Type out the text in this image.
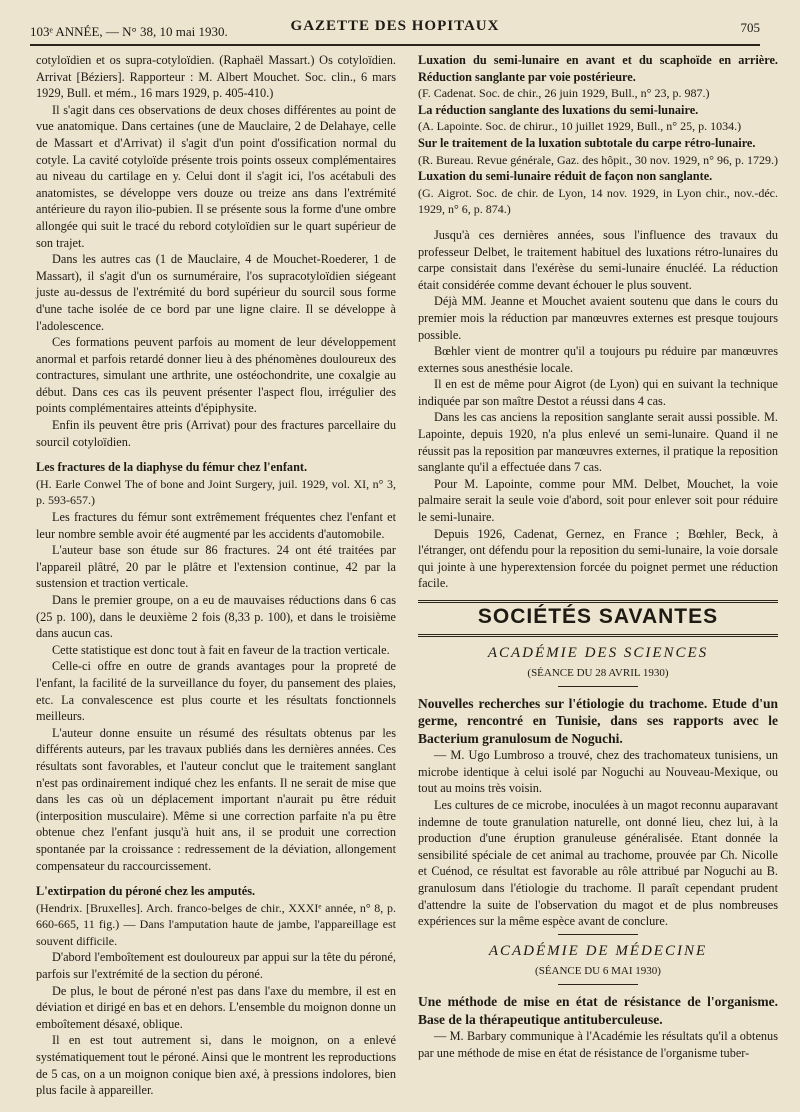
103ᵉ ANNÉE, — N° 38, 10 mai 1930.	GAZETTE DES HOPITAUX	705

cotyloïdien et os supra-cotyloïdien. (Raphaël Massart.) Os cotyloïdien. Arrivat [Béziers]. Rapporteur : M. Albert Mouchet. Soc. clin., 6 mars 1929, Bull. et mém., 16 mars 1929, p. 405-410.)

Il s'agit dans ces observations de deux choses différentes au point de vue anatomique. Dans certaines (une de Mauclaire, 2 de Delahaye, celle de Massart et d'Arrivat) il s'agit d'un point d'ossification normal du cotyle. La cavité cotyloïde présente trois points osseux complémentaires au niveau du cartilage en y. Celui dont il s'agit ici, l'os acétabuli des anatomistes, se développe vers douze ou treize ans dans l'extrémité antérieure du rayon ilio-pubien. Il se présente sous la forme d'une ombre allongée qui suit le tracé du rebord cotyloïdien sur le quart supérieur de son trajet.

Dans les autres cas (1 de Mauclaire, 4 de Mouchet-Roederer, 1 de Massart), il s'agit d'un os surnuméraire, l'os supracotyloïdien siégeant juste au-dessus de l'extrémité du bord supérieur du sourcil sous forme d'une tache isolée de ce bord par une ligne claire. Il se développe à l'adolescence.

Ces formations peuvent parfois au moment de leur développement anormal et parfois retardé donner lieu à des phénomènes douloureux des contractures, simulant une arthrite, une ostéochondrite, une coxalgie au début. Dans ces cas ils peuvent présenter l'aspect flou, irrégulier des points complémentaires atteints d'épiphysite.

Enfin ils peuvent être pris (Arrivat) pour des fractures parcellaire du sourcil cotyloïdien.

Les fractures de la diaphyse du fémur chez l'enfant.

(H. Earle Conwel The of bone and Joint Surgery, juil. 1929, vol. XI, n° 3, p. 593-657.)

Les fractures du fémur sont extrêmement fréquentes chez l'enfant et leur nombre semble avoir été augmenté par les accidents d'automobile.

L'auteur base son étude sur 86 fractures. 24 ont été traitées par l'appareil plâtré, 20 par le plâtre et l'extension continue, 42 par la sustension et traction verticale.

Dans le premier groupe, on a eu de mauvaises réductions dans 6 cas (25 p. 100), dans le deuxième 2 fois (8,33 p. 100), et dans le troisième dans aucun cas.

Cette statistique est donc tout à fait en faveur de la traction verticale.

Celle-ci offre en outre de grands avantages pour la propreté de l'enfant, la facilité de la surveillance du foyer, du pansement des plaies, etc. La convalescence est plus courte et les résultats fonctionnels meilleurs.

L'auteur donne ensuite un résumé des résultats obtenus par les différents auteurs, par les travaux publiés dans les dernières années. Ces résultats sont favorables, et l'auteur conclut que le traitement sanglant n'est pas ordinairement indiqué chez les enfants. Il ne serait de mise que dans les cas où un déplacement important n'aurait pu être réduit (interposition musculaire). Même si une correction parfaite n'a pu être obtenue chez l'enfant jusqu'à huit ans, il se produit une correction spontanée par la croissance : redressement de la déviation, allongement compensateur du raccourcissement.

L'extirpation du péroné chez les amputés.

(Hendrix. [Bruxelles]. Arch. franco-belges de chir., XXXIᵉ année, n° 8, p. 660-665, 11 fig.) — Dans l'amputation haute de jambe, l'appareillage est souvent difficile.

D'abord l'emboîtement est douloureux par appui sur la tête du péroné, parfois sur l'extrémité de la section du péroné.

De plus, le bout de péroné n'est pas dans l'axe du membre, il est en déviation et dirigé en bas et en dehors. L'ensemble du moignon donne un emboîtement désaxé, oblique.

Il en est tout autrement si, dans le moignon, on a enlevé systématiquement tout le péroné. Ainsi que le montrent les reproductions de 5 cas, on a un moignon conique bien axé, à pressions indolores, bien plus facile à appareiller.

Luxation du semi-lunaire en avant et du scaphoïde en arrière. Réduction sanglante par voie postérieure.

(F. Cadenat. Soc. de chir., 26 juin 1929, Bull., n° 23, p. 987.)

La réduction sanglante des luxations du semi-lunaire.

(A. Lapointe. Soc. de chirur., 10 juillet 1929, Bull., n° 25, p. 1034.)

Sur le traitement de la luxation subtotale du carpe rétro-lunaire.

(R. Bureau. Revue générale, Gaz. des hôpit., 30 nov. 1929, n° 96, p. 1729.)

Luxation du semi-lunaire réduit de façon non sanglante.

(G. Aigrot. Soc. de chir. de Lyon, 14 nov. 1929, in Lyon chir., nov.-déc. 1929, n° 6, p. 874.)

Jusqu'à ces dernières années, sous l'influence des travaux du professeur Delbet, le traitement habituel des luxations rétro-lunaires du carpe consistait dans l'exérèse du semi-lunaire énucléé. La réduction était considérée comme devant échouer le plus souvent.

Déjà MM. Jeanne et Mouchet avaient soutenu que dans le cours du premier mois la réduction par manœuvres externes est presque toujours possible.

Bœhler vient de montrer qu'il a toujours pu réduire par manœuvres externes sous anesthésie locale.

Il en est de même pour Aigrot (de Lyon) qui en suivant la technique indiquée par son maître Destot a réussi dans 4 cas.

Dans les cas anciens la reposition sanglante serait aussi possible. M. Lapointe, depuis 1920, n'a plus enlevé un semi-lunaire. Quand il ne réussit pas la reposition par manœuvres externes, il pratique la reposition sanglante qu'il a effectuée dans 7 cas.

Pour M. Lapointe, comme pour MM. Delbet, Mouchet, la voie palmaire serait la seule voie d'abord, soit pour enlever soit pour réduire le semi-lunaire.

Depuis 1926, Cadenat, Gernez, en France ; Bœhler, Beck, à l'étranger, ont défendu pour la reposition du semi-lunaire, la voie dorsale qui jointe à une hyperextension forcée du poignet permet une réduction facile.

SOCIÉTÉS SAVANTES
ACADÉMIE DES SCIENCES
(SÉANCE DU 28 AVRIL 1930)

Nouvelles recherches sur l'étiologie du trachome. Etude d'un germe, rencontré en Tunisie, dans ses rapports avec le Bacterium granulosum de Noguchi.

— M. Ugo Lumbroso a trouvé, chez des trachomateux tunisiens, un microbe identique à celui isolé par Noguchi au Nouveau-Mexique, ou tout au moins très voisin.

Les cultures de ce microbe, inoculées à un magot reconnu auparavant indemne de toute granulation naturelle, ont donné lieu, chez lui, à la production d'une éruption granuleuse généralisée. Etant donnée la sensibilité spéciale de cet animal au trachome, prouvée par Ch. Nicolle et Cuénod, ce résultat est favorable au rôle attribué par Noguchi au B. granulosum dans l'étiologie du trachome. Il paraît cependant prudent d'attendre la suite de l'observation du magot et de plus nombreuses expériences sur la même espèce avant de conclure.

ACADÉMIE DE MÉDECINE
(SÉANCE DU 6 MAI 1930)

Une méthode de mise en état de résistance de l'organisme. Base de la thérapeutique antituberculeuse.

— M. Barbary communique à l'Académie les résultats qu'il a obtenus par une méthode de mise en état de résistance de l'organisme tuber-
